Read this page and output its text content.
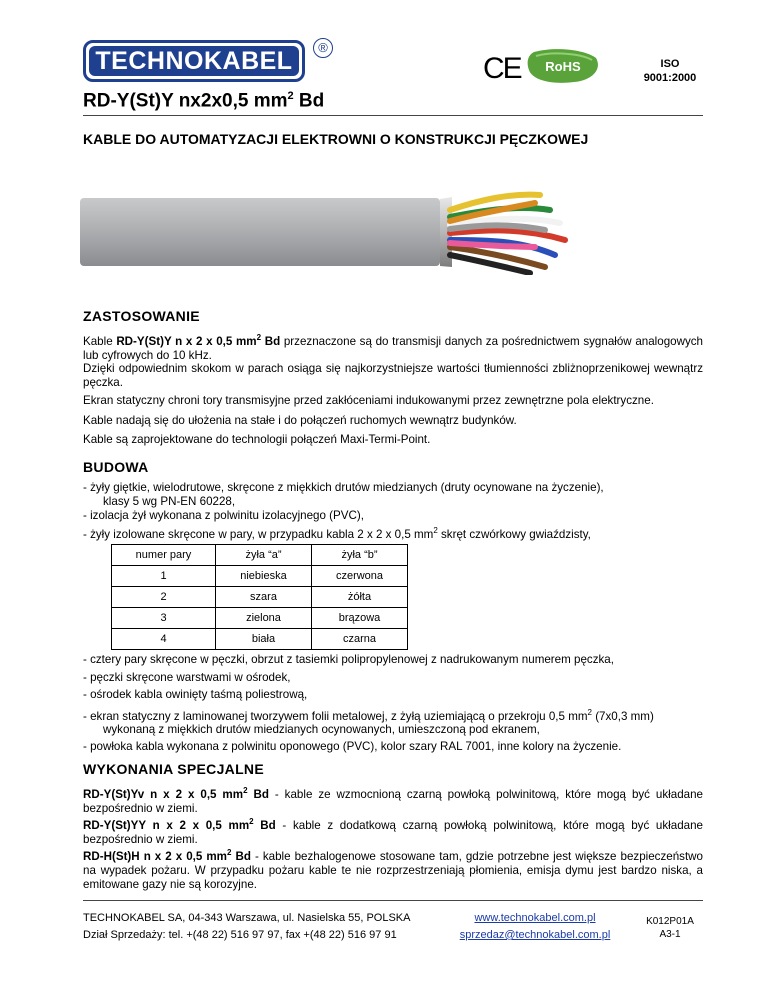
TECHNOKABEL	®
CE RoHS	ISO
9001:2000
RD-Y(St)Y nx2x0,5 $mm^2$ Bd
KABLE DO AUTOMATYZACJI ELEKTROWNI O KONSTRUKCJI PĘCZKOWEJ
ZASTOSOWANIE
Kable RD-Y(St)Y n x 2 x 0,5 $mm^2$ Bd przeznaczone są do transmisji danych za pośrednictwem sygnałów analogowych lub cyfrowych do 10 kHz.
Dzięki odpowiednim skokom w parach osiąga się najkorzystniejsze wartości tłumienności zbliżnoprzenikowej wewnątrz pęczka.
Ekran statyczny chroni tory transmisyjne przed zakłóceniami indukowanymi przez zewnętrzne pola elektryczne.
Kable nadają się do ułożenia na stałe i do połączeń ruchomych wewnątrz budynków.
Kable są zaprojektowane do technologii połączeń Maxi-Termi-Point.
BUDOWA
- żyły giętkie, wielodrutowe, skręcone z miękkich drutów miedzianych (druty ocynowane na życzenie),
klasy 5 wg PN-EN 60228,
- izolacja żył wykonana z polwinitu izolacyjnego (PVC),
- żyły izolowane skręcone w pary, w przypadku kabla 2 x 2 x 0,5 $mm^2$ skręt czwórkowy gwiaździsty,
numer pary	żyła “a”	żyła “b”
1	niebieska	czerwona
2	szara	żółta
3	zielona	brązowa
4	biała	czarna
- cztery pary skręcone w pęczki, obrzut z tasiemki polipropylenowej z nadrukowanym numerem pęczka,
- pęczki skręcone warstwami w ośrodek,
- ośrodek kabla owinięty taśmą poliestrową,
- ekran statyczny z laminowanej tworzywem folii metalowej, z żyłą uziemiającą o przekroju 0,5 $mm^2$ (7x0,3 mm)
wykonaną z miękkich drutów miedzianych ocynowanych, umieszczoną pod ekranem,
- powłoka kabla wykonana z polwinitu oponowego (PVC), kolor szary RAL 7001, inne kolory na życzenie.
WYKONANIA SPECJALNE
RD-Y(St)Yv n x 2 x 0,5 $mm^2$ Bd - kable ze wzmocnioną czarną powłoką polwinitową, które mogą być układane bezpośrednio w ziemi.
RD-Y(St)YY n x 2 x 0,5 $mm^2$ Bd - kable z dodatkową czarną powłoką polwinitową, które mogą być układane bezpośrednio w ziemi.
RD-H(St)H n x 2 x 0,5 $mm^2$ Bd - kable bezhalogenowe stosowane tam, gdzie potrzebne jest większe bezpieczeństwo na wypadek pożaru. W przypadku pożaru kable te nie rozprzestrzeniają płomienia, emisja dymu jest bardzo niska, a emitowane gazy nie są korozyjne.
TECHNOKABEL SA, 04-343 Warszawa, ul. Nasielska 55, POLSKA
Dział Sprzedaży: tel. +(48 22) 516 97 97, fax +(48 22) 516 97 91
www.technokabel.com.pl
sprzedaz@technokabel.com.pl
K012P01A
A3-1
